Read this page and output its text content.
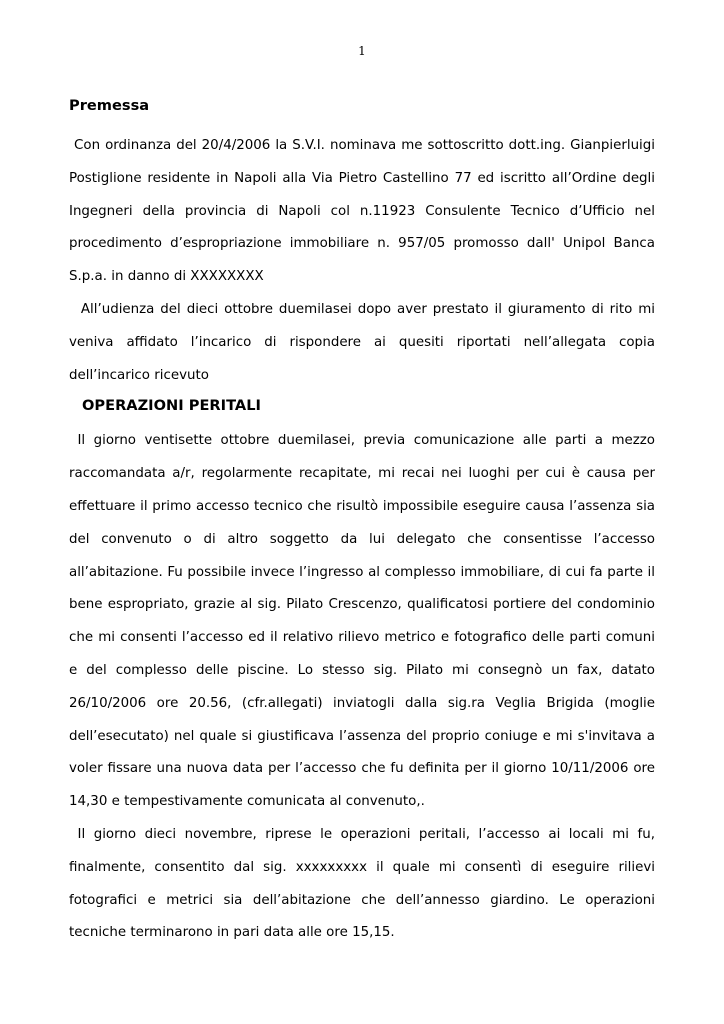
1
Premessa

Con ordinanza del 20/4/2006 la S.V.I. nominava me sottoscritto dott.ing. Gianpierluigi Postiglione residente in Napoli alla Via Pietro Castellino 77 ed iscritto all’Ordine degli Ingegneri della provincia di Napoli col n.11923 Consulente Tecnico d’Ufficio nel procedimento d’espropriazione immobiliare n. 957/05 promosso dall' Unipol Banca S.p.a. in danno di XXXXXXXX

All’udienza del dieci ottobre duemilasei dopo aver prestato il giuramento di rito mi veniva affidato l’incarico di rispondere ai quesiti riportati nell’allegata copia dell’incarico ricevuto

OPERAZIONI PERITALI

Il giorno ventisette ottobre duemilasei, previa comunicazione alle parti a mezzo raccomandata a/r, regolarmente recapitate, mi recai nei luoghi per cui è causa per effettuare il primo accesso tecnico che risultò impossibile eseguire causa l’assenza sia del convenuto o di altro soggetto da lui delegato che consentisse l’accesso all’abitazione. Fu possibile invece l’ingresso al complesso immobiliare, di cui fa parte il bene espropriato, grazie al sig. Pilato Crescenzo, qualificatosi portiere del condominio che mi consenti l’accesso ed il relativo rilievo metrico e fotografico delle parti comuni e del complesso delle piscine. Lo stesso sig. Pilato mi consegnò un fax, datato 26/10/2006 ore 20.56, (cfr.allegati) inviatogli dalla sig.ra Veglia Brigida (moglie dell’esecutato) nel quale si giustificava l’assenza del proprio coniuge e mi s'invitava a voler fissare una nuova data per l’accesso che fu definita per il giorno 10/11/2006 ore 14,30 e tempestivamente comunicata al convenuto,.

Il giorno dieci novembre, riprese le operazioni peritali, l’accesso ai locali mi fu, finalmente, consentito dal sig. xxxxxxxxx il quale mi consentì di eseguire rilievi fotografici e metrici sia dell’abitazione che dell’annesso giardino. Le operazioni tecniche terminarono in pari data alle ore 15,15.
